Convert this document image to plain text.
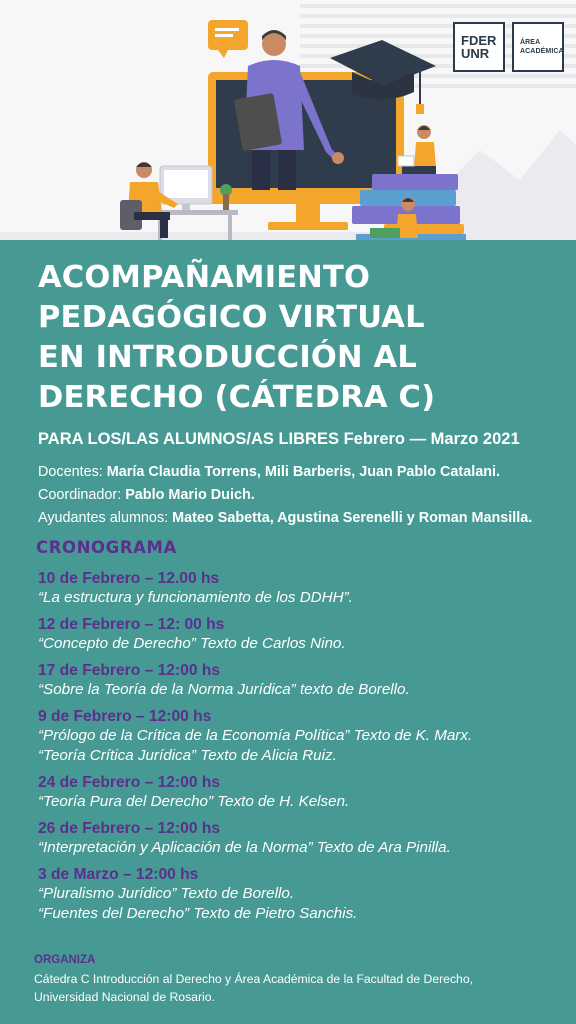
FDER
UNR
ÁREA
ACADÉMICA
ACOMPAÑAMIENTO
PEDAGÓGICO VIRTUAL
EN INTRODUCCIÓN AL
DERECHO (CÁTEDRA C)
PARA LOS/LAS ALUMNOS/AS LIBRES Febrero — Marzo 2021
Docentes: María Claudia Torrens, Mili Barberis, Juan Pablo Catalani.
Coordinador: Pablo Mario Duich.
Ayudantes alumnos: Mateo Sabetta, Agustina Serenelli y Roman Mansilla.
CRONOGRAMA
10 de Febrero – 12.00 hs
“La estructura y funcionamiento de los DDHH”.
12 de Febrero – 12: 00 hs
“Concepto de Derecho” Texto de Carlos Nino.
17 de Febrero – 12:00 hs
“Sobre la Teoría de la Norma Jurídica” texto de Borello.
9 de Febrero – 12:00 hs
“Prólogo de la Crítica de la Economía Política” Texto de K. Marx.
“Teoría Crítica Jurídica” Texto de Alicia Ruiz.
24 de Febrero – 12:00 hs
“Teoría Pura del Derecho” Texto de H. Kelsen.
26 de Febrero – 12:00 hs
“Interpretación y Aplicación de la Norma” Texto de Ara Pinilla.
3 de Marzo – 12:00 hs
“Pluralismo Jurídico” Texto de Borello.
“Fuentes del Derecho” Texto de Pietro Sanchis.
ORGANIZA
Cátedra C Introducción al Derecho y Área Académica de la Facultad de Derecho,
Universidad Nacional de Rosario.
